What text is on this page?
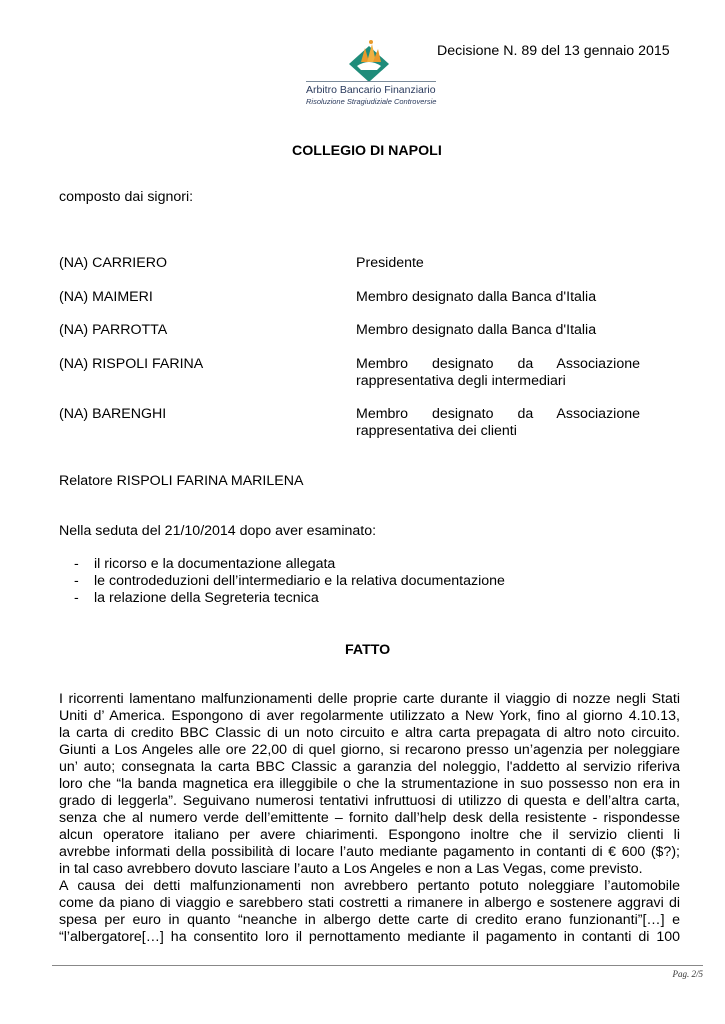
Arbitro Bancario Finanziario
Risoluzione Stragiudiziale Controversie
Decisione N. 89 del 13 gennaio 2015
COLLEGIO DI NAPOLI
composto dai signori:
(NA) CARRIERO	Presidente
(NA) MAIMERI	Membro designato dalla Banca d'Italia
(NA) PARROTTA	Membro designato dalla Banca d'Italia
(NA) RISPOLI FARINA	Membro designato da Associazione
rappresentativa degli intermediari
(NA) BARENGHI	Membro designato da Associazione
rappresentativa dei clienti
Relatore RISPOLI FARINA MARILENA
Nella seduta del 21/10/2014 dopo aver esaminato:
-	il ricorso e la documentazione allegata
-	le controdeduzioni dell’intermediario e la relativa documentazione
-	la relazione della Segreteria tecnica
FATTO
I ricorrenti lamentano malfunzionamenti delle proprie carte durante il viaggio di nozze negli Stati
Uniti d’ America. Espongono di aver regolarmente utilizzato a New York, fino al giorno 4.10.13,
la carta di credito BBC Classic di un noto circuito e altra carta prepagata di altro noto circuito.
Giunti a Los Angeles alle ore 22,00 di quel giorno, si recarono presso un’agenzia per noleggiare
un’ auto; consegnata la carta BBC Classic a garanzia del noleggio, l'addetto al servizio riferiva
loro che “la banda magnetica era illeggibile o che la strumentazione in suo possesso non era in
grado di leggerla”. Seguivano numerosi tentativi infruttuosi di utilizzo di questa e dell’altra carta,
senza che al numero verde dell’emittente – fornito dall’help desk della resistente - rispondesse
alcun operatore italiano per avere chiarimenti. Espongono inoltre che il servizio clienti li
avrebbe informati della possibilità di locare l’auto mediante pagamento in contanti di € 600 ($?);
in tal caso avrebbero dovuto lasciare l’auto a Los Angeles e non a Las Vegas, come previsto.
A causa dei detti malfunzionamenti non avrebbero pertanto potuto noleggiare l’automobile
come da piano di viaggio e sarebbero stati costretti a rimanere in albergo e sostenere aggravi di
spesa per euro in quanto “neanche in albergo dette carte di credito erano funzionanti”[…] e
“l’albergatore[…] ha consentito loro il pernottamento mediante il pagamento in contanti di 100
Pag. 2/5
